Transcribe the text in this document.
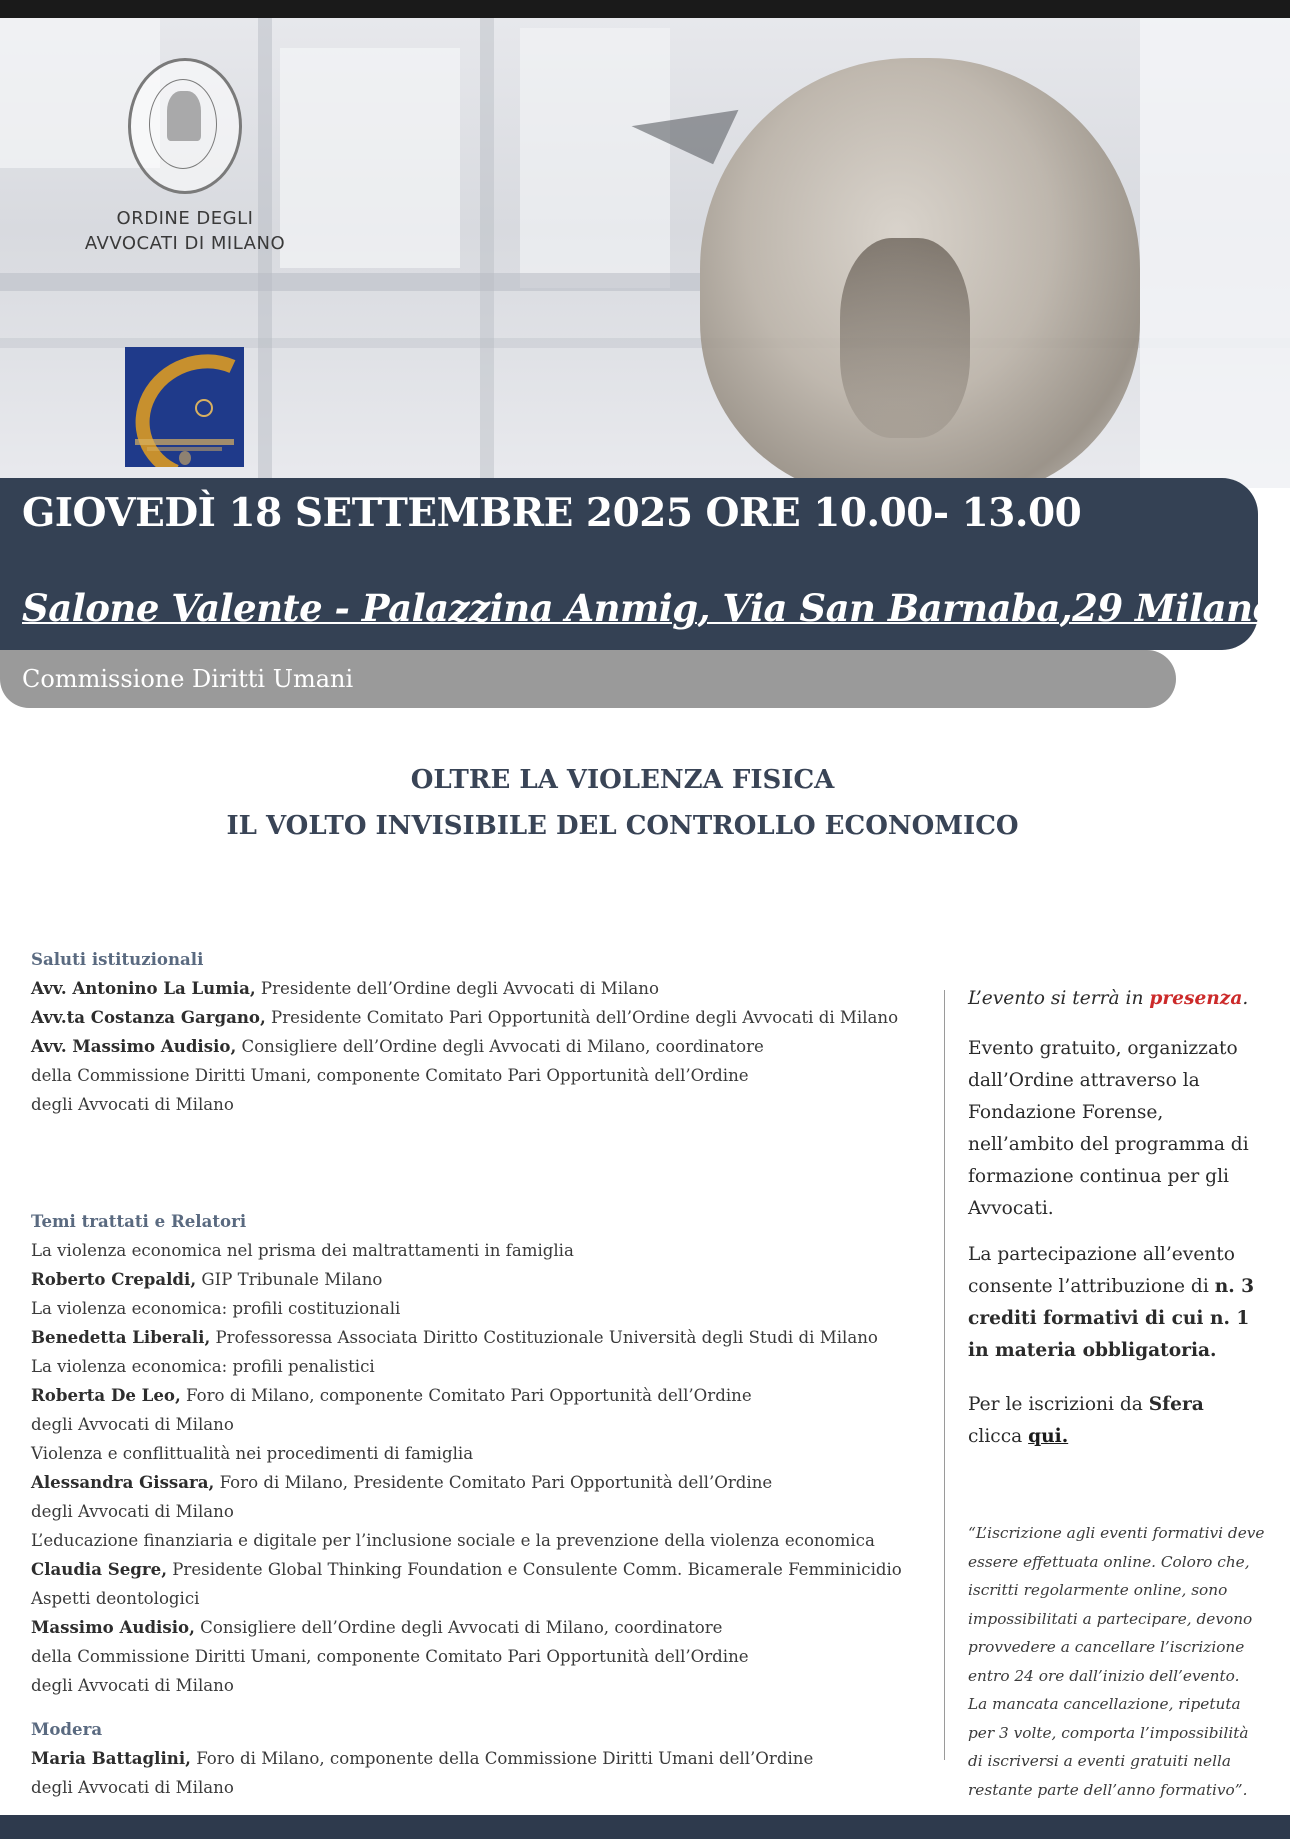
ORDINE DEGLI
AVVOCATI DI MILANO
GIOVEDÌ 18 SETTEMBRE 2025 ORE 10.00- 13.00
Salone Valente - Palazzina Anmig, Via San Barnaba,29 Milano
Commissione Diritti Umani
OLTRE LA VIOLENZA FISICA
IL VOLTO INVISIBILE DEL CONTROLLO ECONOMICO
Saluti istituzionali
Avv. Antonino La Lumia, Presidente dell’Ordine degli Avvocati di Milano
Avv.ta Costanza Gargano, Presidente Comitato Pari Opportunità dell’Ordine degli Avvocati di Milano
Avv. Massimo Audisio, Consigliere dell’Ordine degli Avvocati di Milano, coordinatore
della Commissione Diritti Umani, componente Comitato Pari Opportunità dell’Ordine
degli Avvocati di Milano
Temi trattati e Relatori
La violenza economica nel prisma dei maltrattamenti in famiglia
Roberto Crepaldi, GIP Tribunale Milano
La violenza economica: profili costituzionali
Benedetta Liberali, Professoressa Associata Diritto Costituzionale Università degli Studi di Milano
La violenza economica: profili penalistici
Roberta De Leo, Foro di Milano, componente Comitato Pari Opportunità dell’Ordine
degli Avvocati di Milano
Violenza e conflittualità nei procedimenti di famiglia
Alessandra Gissara, Foro di Milano, Presidente Comitato Pari Opportunità dell’Ordine
degli Avvocati di Milano
L’educazione finanziaria e digitale per l’inclusione sociale e la prevenzione della violenza economica
Claudia Segre, Presidente Global Thinking Foundation e Consulente Comm. Bicamerale Femminicidio
Aspetti deontologici
Massimo Audisio, Consigliere dell’Ordine degli Avvocati di Milano, coordinatore
della Commissione Diritti Umani, componente Comitato Pari Opportunità dell’Ordine
degli Avvocati di Milano
Modera
Maria Battaglini, Foro di Milano, componente della Commissione Diritti Umani dell’Ordine
degli Avvocati di Milano

L’evento si terrà in presenza.

Evento gratuito, organizzato
dall’Ordine attraverso la
Fondazione Forense,
nell’ambito del programma di
formazione continua per gli
Avvocati.
La partecipazione all’evento
consente l’attribuzione di n. 3
crediti formativi di cui n. 1
in materia obbligatoria.
Per le iscrizioni da Sfera
clicca qui.
“L’iscrizione agli eventi formativi deve
essere effettuata online. Coloro che,
iscritti regolarmente online, sono
impossibilitati a partecipare, devono
provvedere a cancellare l’iscrizione
entro 24 ore dall’inizio dell’evento.
La mancata cancellazione, ripetuta
per 3 volte, comporta l’impossibilità
di iscriversi a eventi gratuiti nella
restante parte dell’anno formativo”.
